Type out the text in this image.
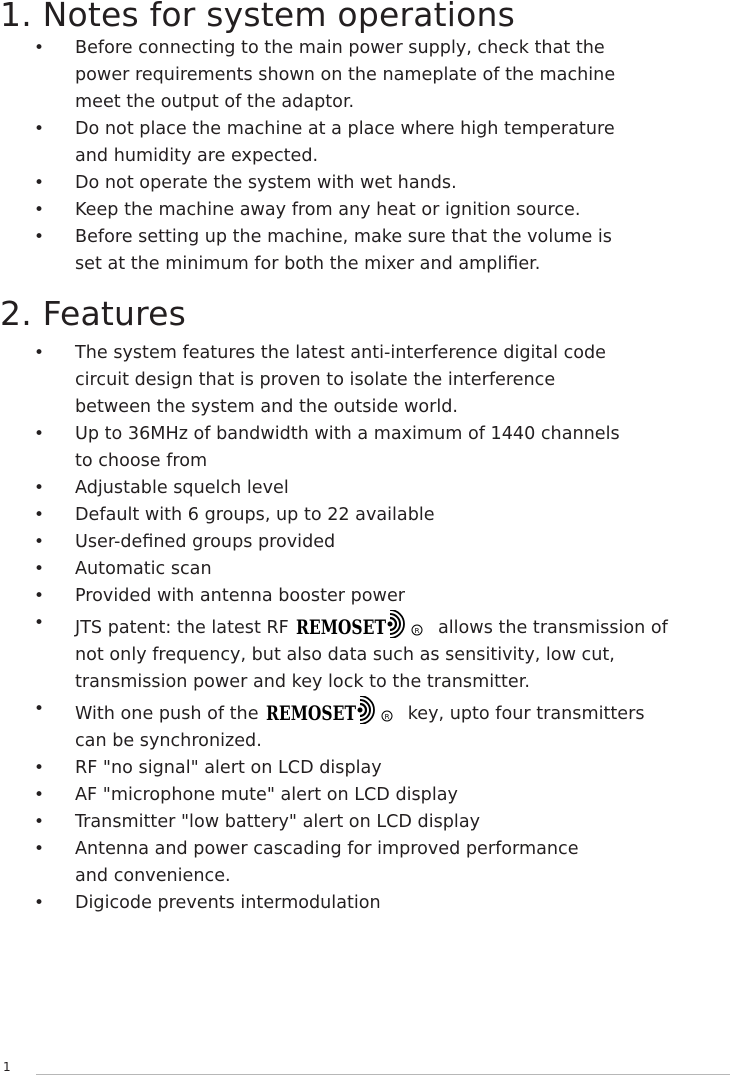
1. Notes for system operations
• Before connecting to the main power supply, check that the
power requirements shown on the nameplate of the machine
meet the output of the adaptor.
• Do not place the machine at a place where high temperature
and humidity are expected.
• Do not operate the system with wet hands.
• Keep the machine away from any heat or ignition source.
• Before setting up the machine, make sure that the volume is
set at the minimum for both the mixer and amplifier.
2. Features
• The system features the latest anti-interference digital code
circuit design that is proven to isolate the interference
between the system and the outside world.
• Up to 36MHz of bandwidth with a maximum of 1440 channels
to choose from
• Adjustable squelch level
• Default with 6 groups, up to 22 available
• User-defined groups provided
• Automatic scan
• Provided with antenna booster power
• JTS patent: the latest RF REMOSET	R allows the transmission of
not only frequency, but also data such as sensitivity, low cut,
transmission power and key lock to the transmitter.
• With one push of the REMOSET	R key, upto four transmitters
can be synchronized.
• RF "no signal" alert on LCD display
• AF "microphone mute" alert on LCD display
• Transmitter "low battery" alert on LCD display
• Antenna and power cascading for improved performance
and convenience.
• Digicode prevents intermodulation
1
